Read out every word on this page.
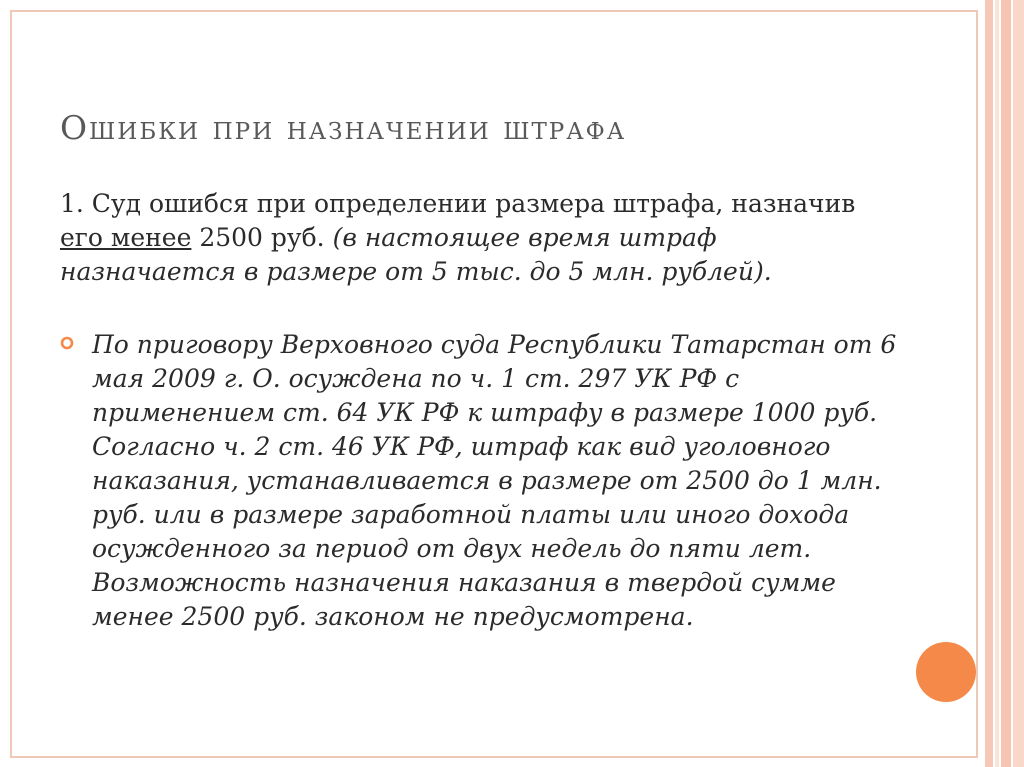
Ошибки при назначении штрафа

1. Суд ошибся при определении размера штрафа, назначив его менее 2500 руб. (в настоящее время штраф назначается в размере от 5 тыс. до 5 млн. рублей).

По приговору Верховного суда Республики Татарстан от 6 мая 2009 г. О. осуждена по ч. 1 ст. 297 УК РФ с применением ст. 64 УК РФ к штрафу в размере 1000 руб. Согласно ч. 2 ст. 46 УК РФ, штраф как вид уголовного наказания, устанавливается в размере от 2500 до 1 млн. руб. или в размере заработной платы или иного дохода осужденного за период от двух недель до пяти лет. Возможность назначения наказания в твердой сумме менее 2500 руб. законом не предусмотрена.
